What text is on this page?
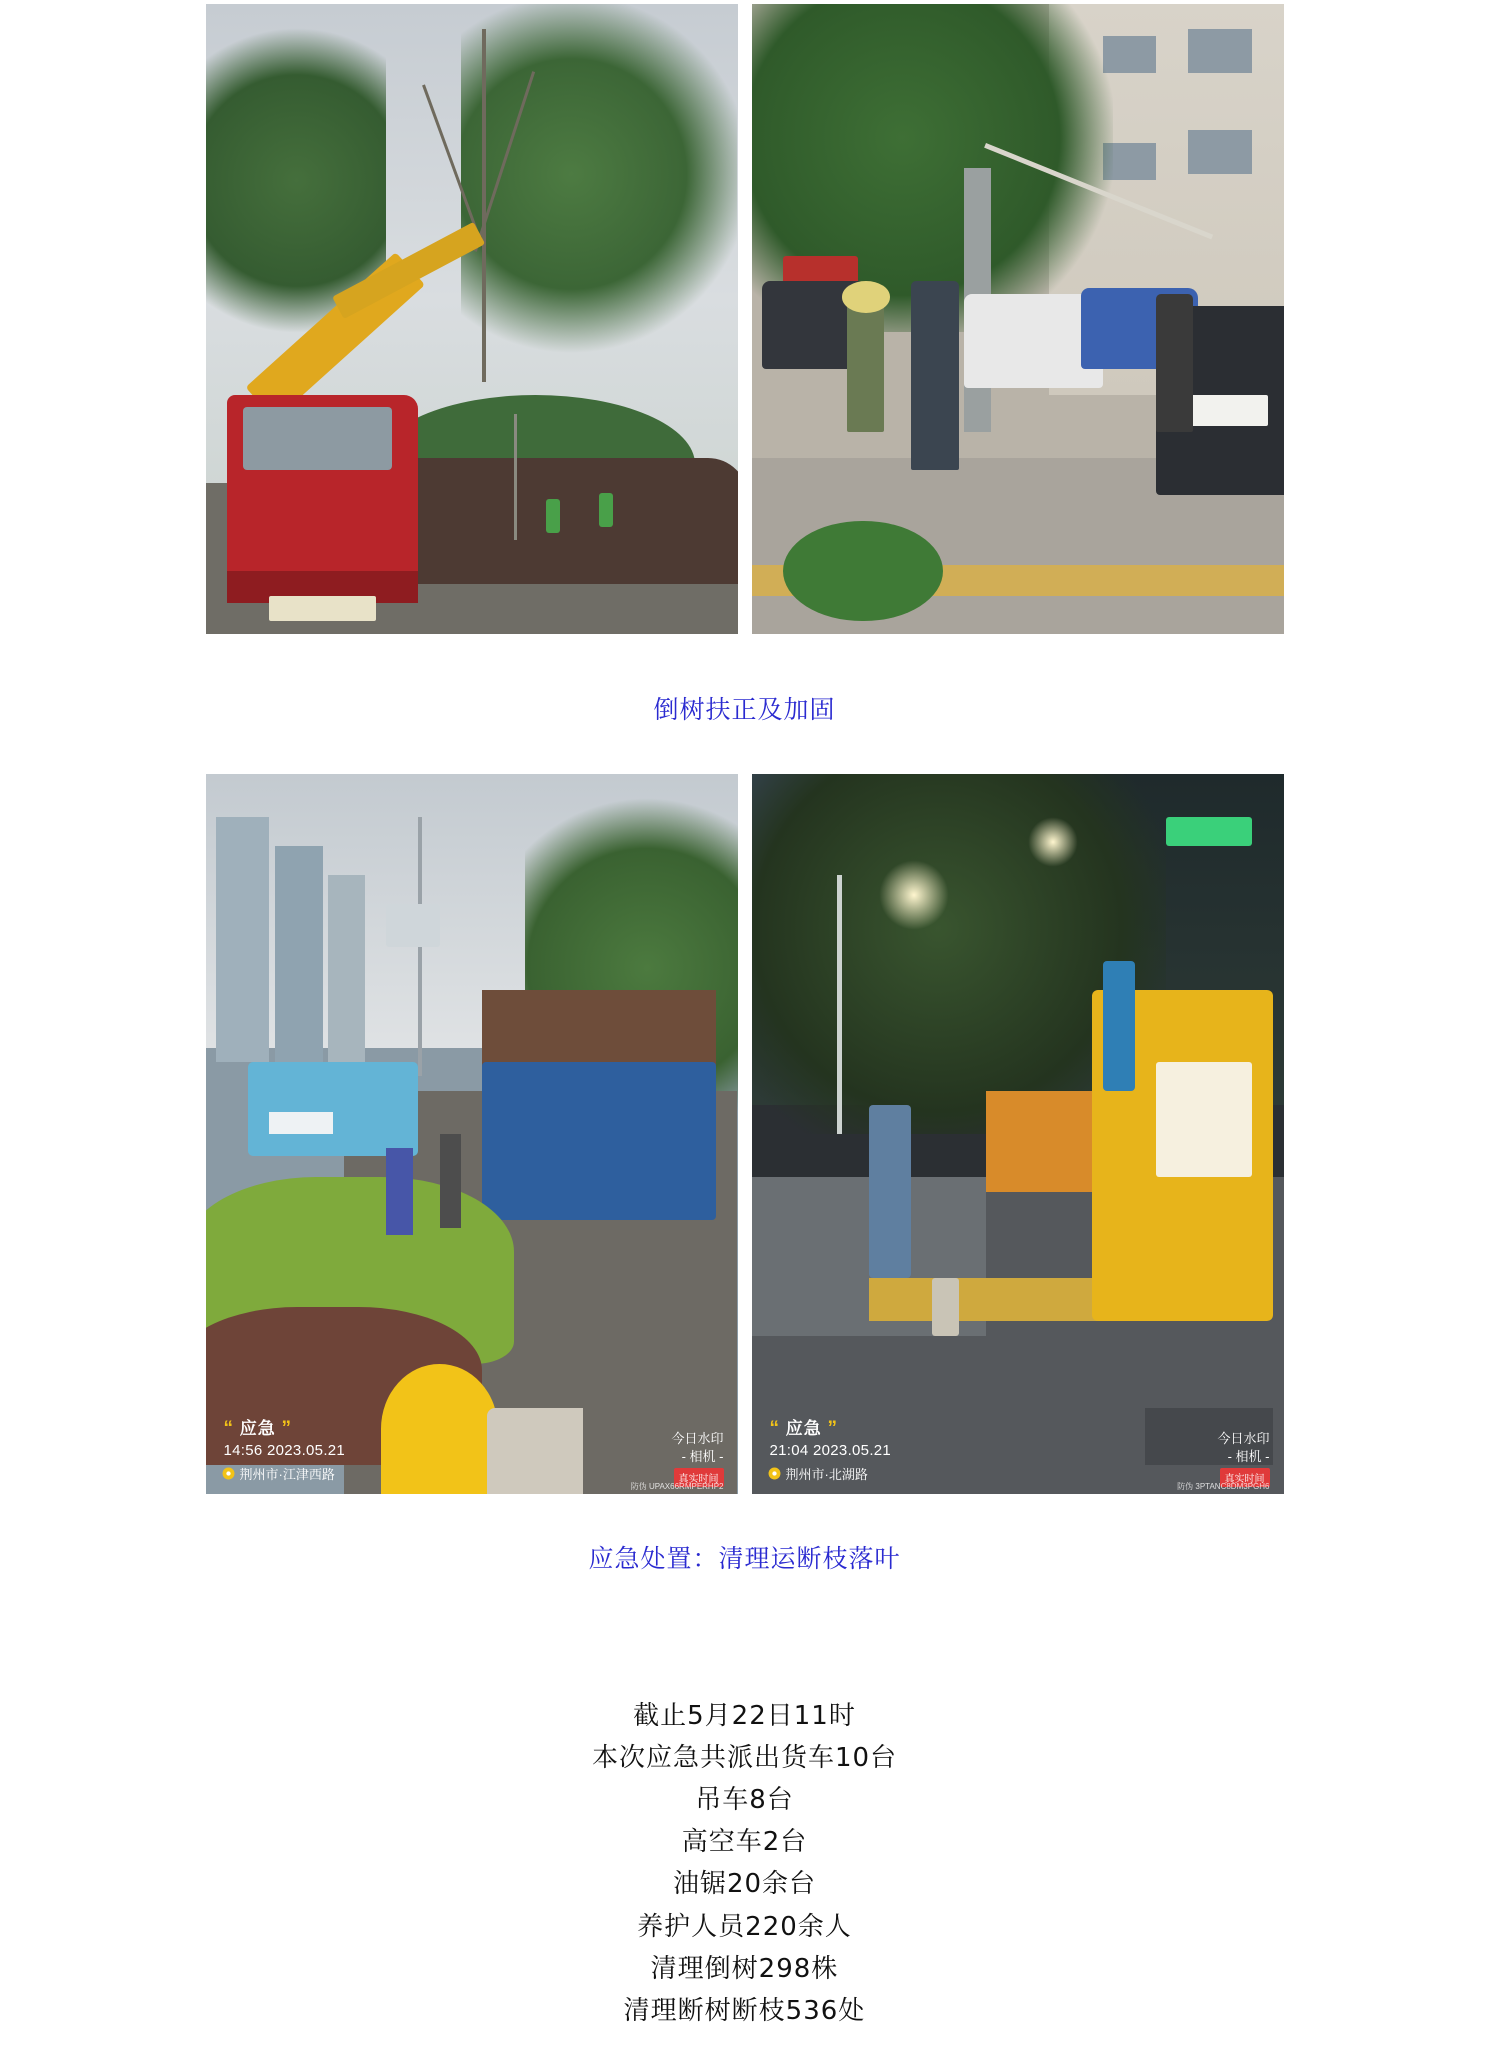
倒树扶正及加固
“ 应急 ”
14:56 2023.05.21
荆州市·江津西路
今日水印
- 相机 -
真实时间
防伪 UPAX66RMPERHP2
“ 应急 ”
21:04 2023.05.21
荆州市·北湖路
今日水印
- 相机 -
真实时间
防伪 3PTANC8DM3PGH6
应急处置：清理运断枝落叶
截止5月22日11时
本次应急共派出货车10台
吊车8台
高空车2台
油锯20余台
养护人员220余人
清理倒树298株
清理断树断枝536处
